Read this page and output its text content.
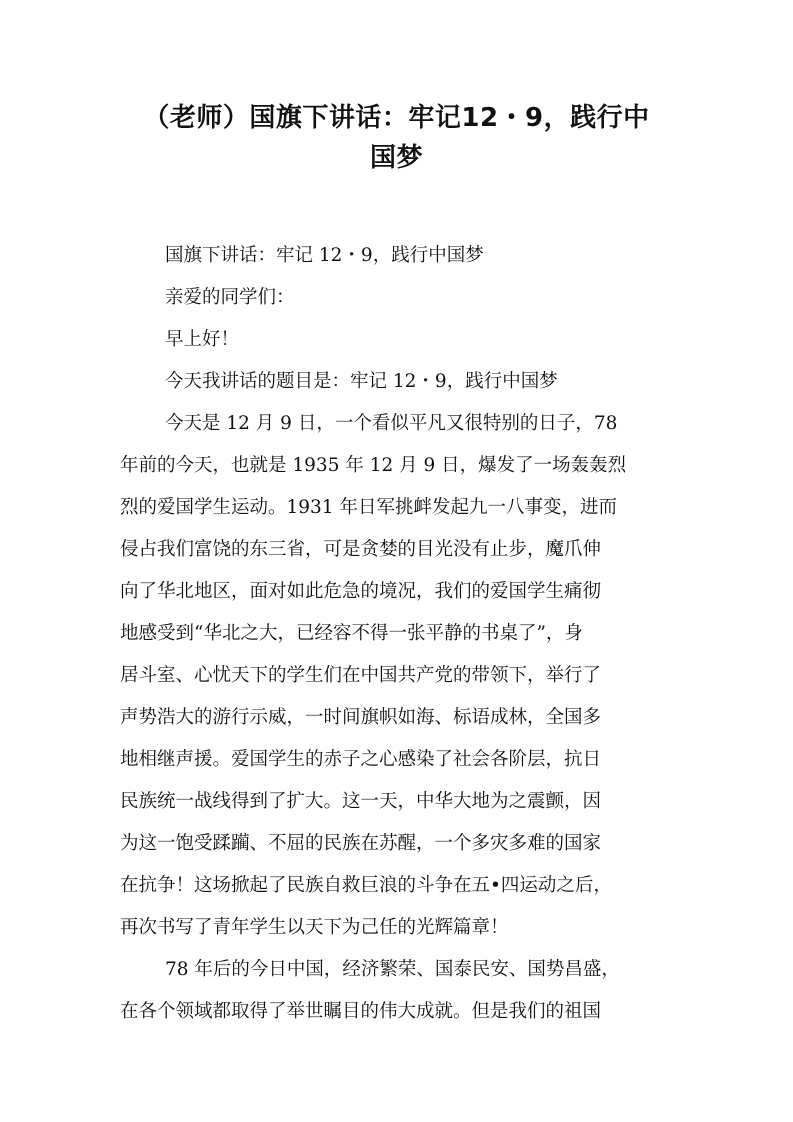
（老师）国旗下讲话：牢记12・9，践行中
国梦
国旗下讲话：牢记 12・9，践行中国梦
亲爱的同学们：
早上好！
今天我讲话的题目是：牢记 12・9，践行中国梦
今天是 12 月 9 日，一个看似平凡又很特别的日子，78
年前的今天，也就是 1935 年 12 月 9 日，爆发了一场轰轰烈
烈的爱国学生运动。1931 年日军挑衅发起九一八事变，进而
侵占我们富饶的东三省，可是贪婪的目光没有止步，魔爪伸
向了华北地区，面对如此危急的境况，我们的爱国学生痛彻
地感受到“华北之大，已经容不得一张平静的书桌了”，身
居斗室、心忧天下的学生们在中国共产党的带领下，举行了
声势浩大的游行示威，一时间旗帜如海、标语成林，全国多
地相继声援。爱国学生的赤子之心感染了社会各阶层，抗日
民族统一战线得到了扩大。这一天，中华大地为之震颤，因
为这一饱受蹂躏、不屈的民族在苏醒，一个多灾多难的国家
在抗争！这场掀起了民族自救巨浪的斗争在五•四运动之后，
再次书写了青年学生以天下为己任的光辉篇章！
78 年后的今日中国，经济繁荣、国泰民安、国势昌盛，
在各个领域都取得了举世瞩目的伟大成就。但是我们的祖国
